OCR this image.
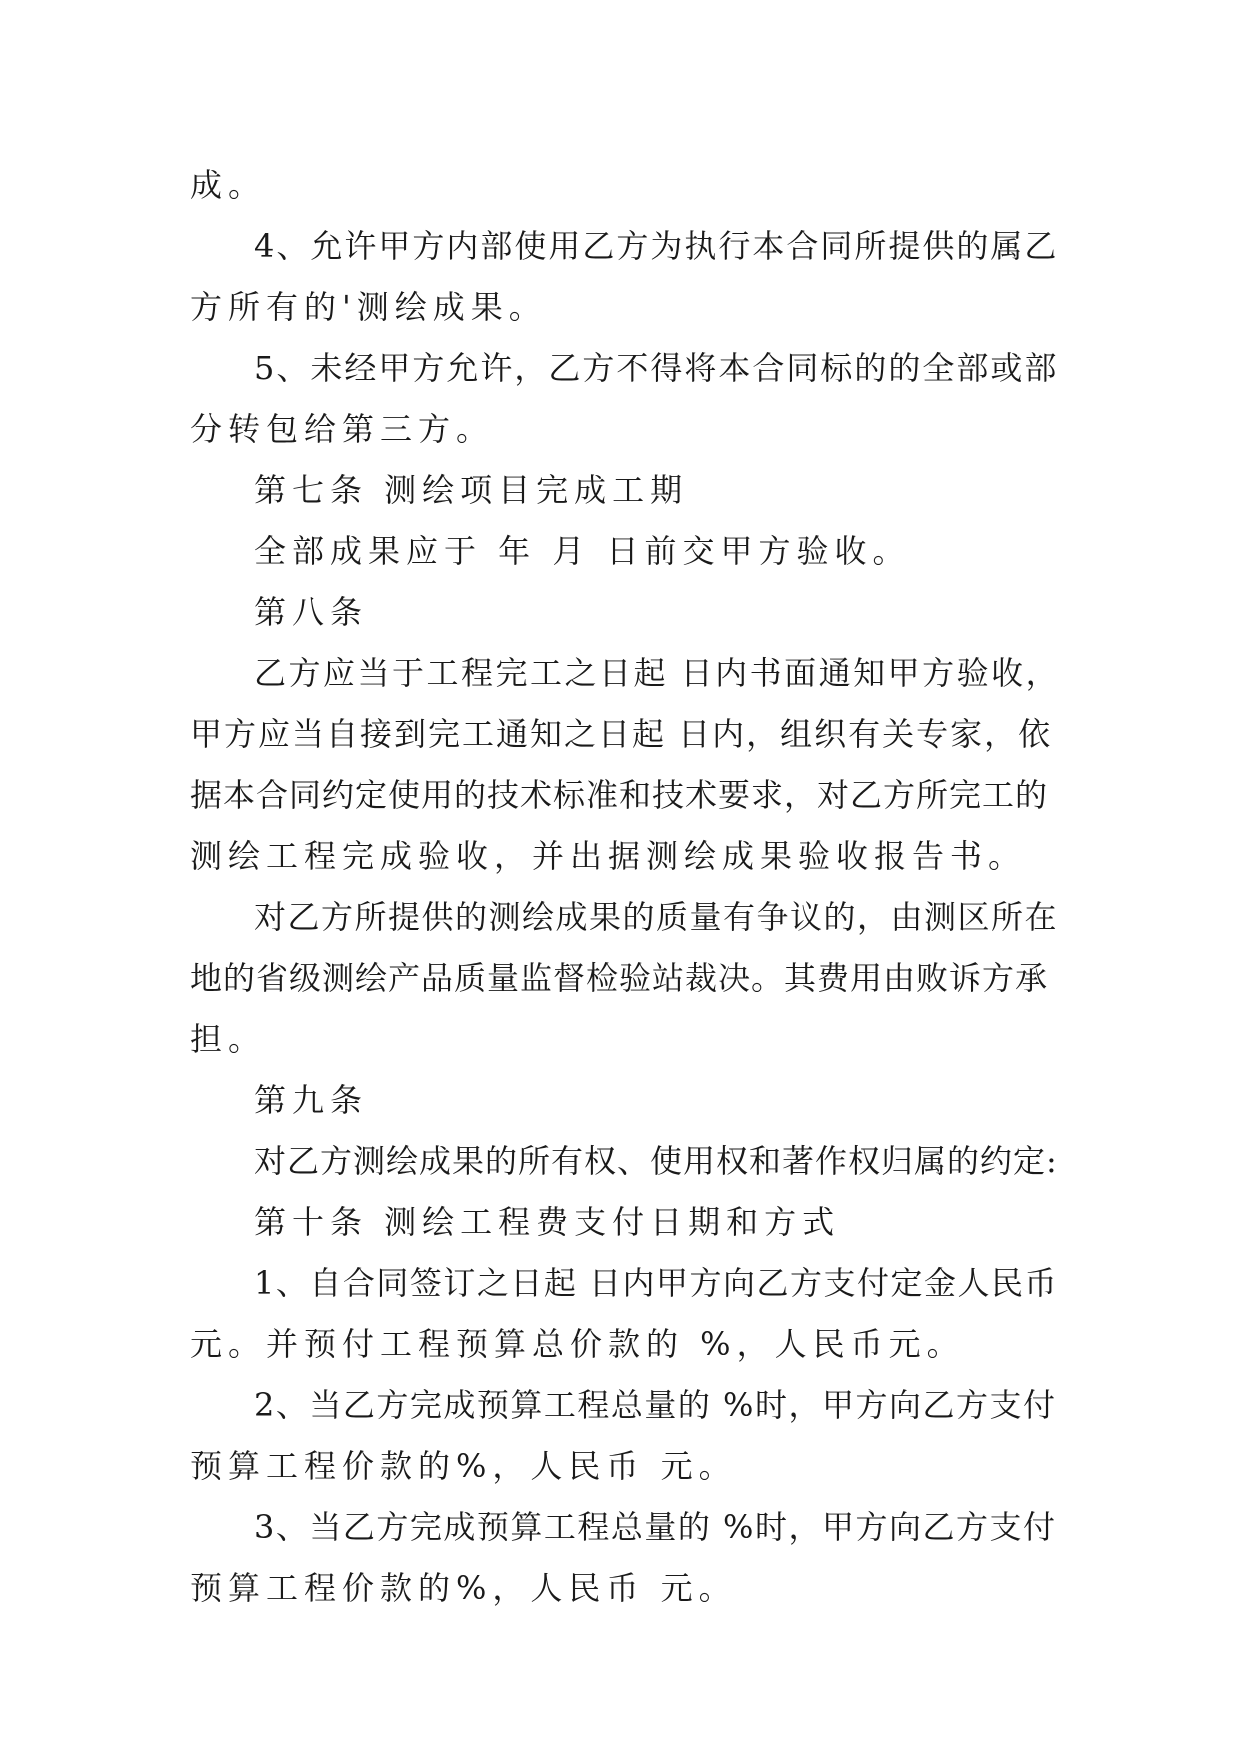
成。
4、允许甲方内部使用乙方为执行本合同所提供的属乙
方所有的'测绘成果。
5、未经甲方允许，乙方不得将本合同标的的全部或部
分转包给第三方。
第七条 测绘项目完成工期
全部成果应于 年 月 日前交甲方验收。
第八条
乙方应当于工程完工之日起 日内书面通知甲方验收，
甲方应当自接到完工通知之日起 日内，组织有关专家，依
据本合同约定使用的技术标准和技术要求，对乙方所完工的
测绘工程完成验收，并出据测绘成果验收报告书。
对乙方所提供的测绘成果的质量有争议的，由测区所在
地的省级测绘产品质量监督检验站裁决。其费用由败诉方承
担。
第九条
对乙方测绘成果的所有权、使用权和著作权归属的约定:
第十条 测绘工程费支付日期和方式
1、自合同签订之日起 日内甲方向乙方支付定金人民币
元。并预付工程预算总价款的 %，人民币元。
2、当乙方完成预算工程总量的 %时，甲方向乙方支付
预算工程价款的%，人民币 元。
3、当乙方完成预算工程总量的 %时，甲方向乙方支付
预算工程价款的%，人民币 元。
